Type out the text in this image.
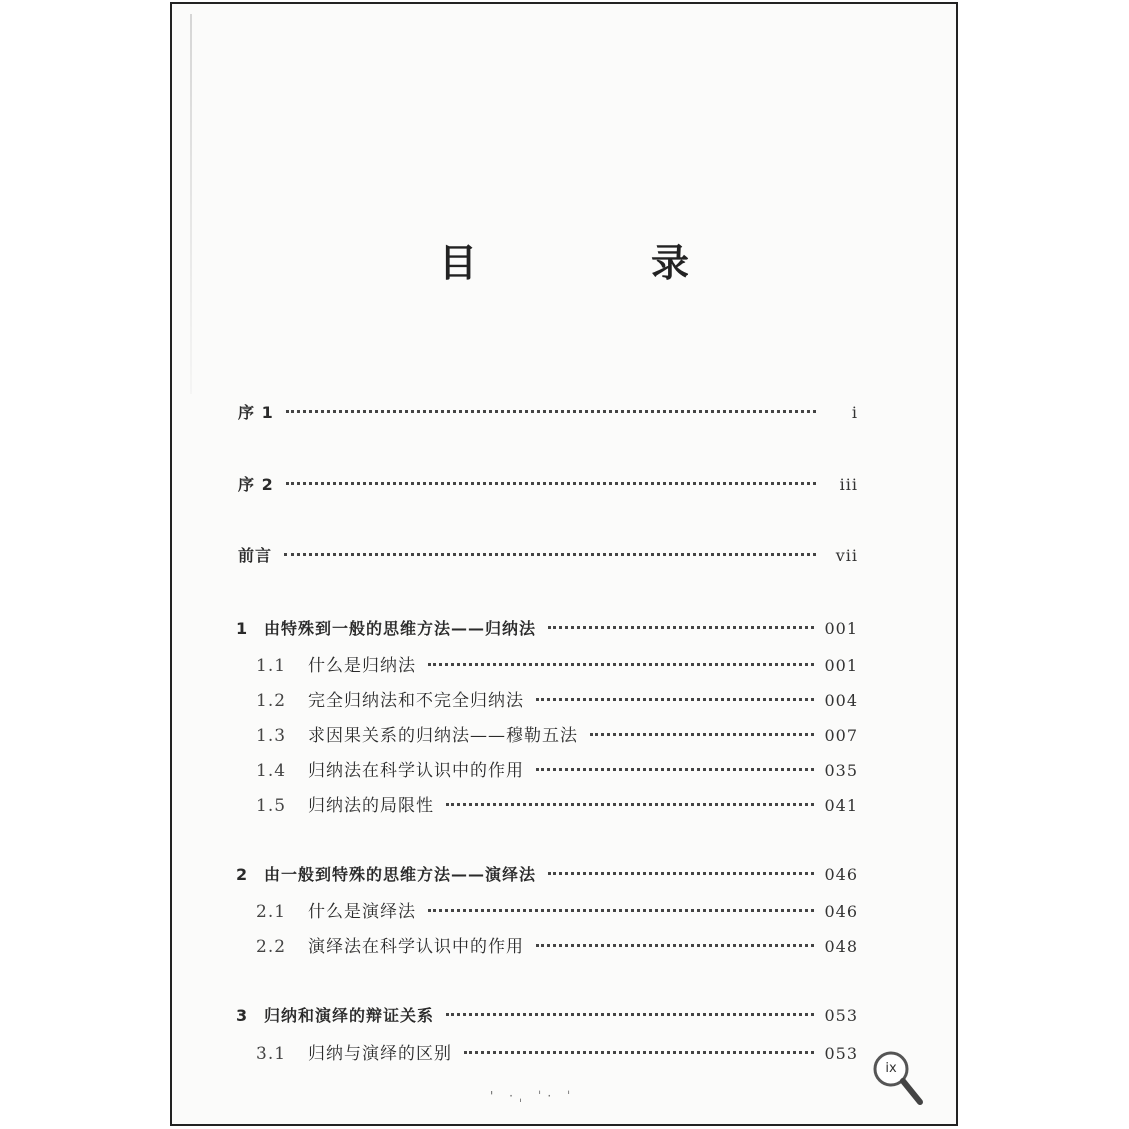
目　录
序 1	i
序 2	iii
前言	vii
1 由特殊到一般的思维方法——归纳法	001
1.1 什么是归纳法	001
1.2 完全归纳法和不完全归纳法	004
1.3 求因果关系的归纳法——穆勒五法	007
1.4 归纳法在科学认识中的作用	035
1.5 归纳法的局限性	041
2 由一般到特殊的思维方法——演绎法	046
2.1 什么是演绎法	046
2.2 演绎法在科学认识中的作用	048
3 归纳和演绎的辩证关系	053
3.1 归纳与演绎的区别	053
' ·ˌ ˈ· ˈ
ix
